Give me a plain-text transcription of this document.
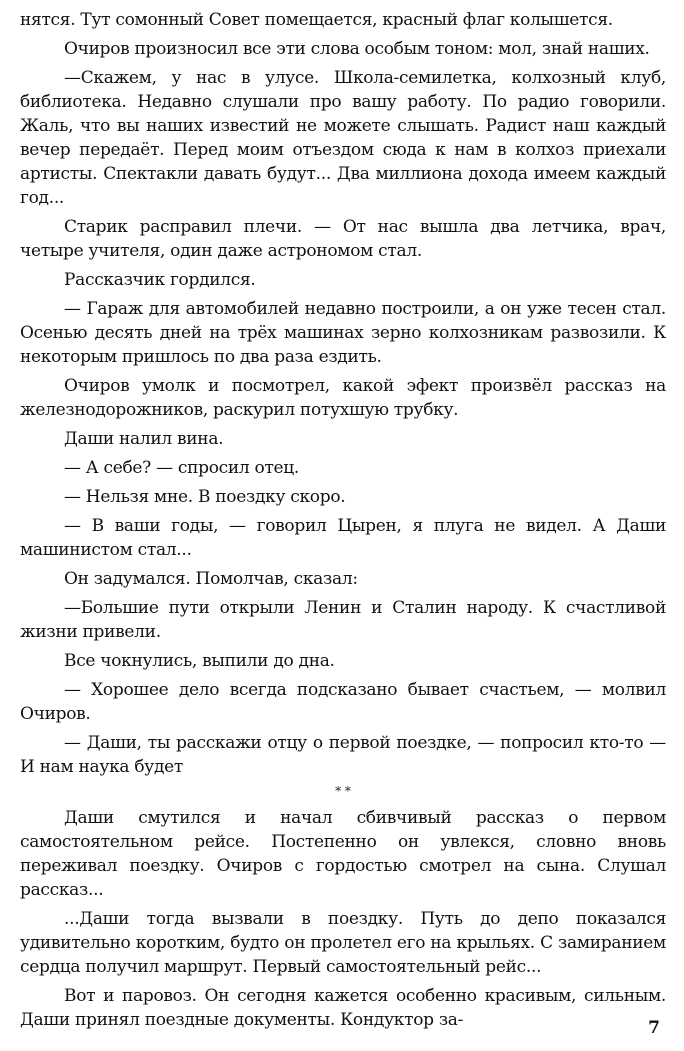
нятся. Тут сомонный Совет помещается, красный флаг колышется.

Очиров произносил все эти слова особым тоном: мол, знай наших.

—Скажем, у нас в улусе. Школа-семилетка, колхозный клуб, библиотека. Недавно слушали про вашу работу. По радио говорили. Жаль, что вы наших известий не можете слышать. Радист наш каждый вечер передаёт. Перед моим отъездом сюда к нам в колхоз приехали артисты. Спектакли давать будут... Два миллиона дохода имеем каждый год...

Старик расправил плечи. — От нас вышла два летчика, врач, четыре учителя, один даже астрономом стал.

Рассказчик гордился.

— Гараж для автомобилей недавно построили, а он уже тесен стал. Осенью десять дней на трёх машинах зерно колхозникам развозили. К некоторым пришлось по два раза ездить.

Очиров умолк и посмотрел, какой эфект произвёл рассказ на железнодорожников, раскурил потухшую трубку.

Даши налил вина.

— А себе? — спросил отец.

— Нельзя мне. В поездку скоро.

— В ваши годы, — говорил Цырен, я плуга не видел. А Даши машинистом стал...

Он задумался. Помолчав, сказал:

—Большие пути открыли Ленин и Сталин народу. К счастливой жизни привели.

Все чокнулись, выпили до дна.

— Хорошее дело всегда подсказано бывает счастьем, — молвил Очиров.

— Даши, ты расскажи отцу о первой поездке, — попросил кто-то — И нам наука будет

* *

Даши смутился и начал сбивчивый рассказ о первом самостоятельном рейсе. Постепенно он увлекся, словно вновь переживал поездку. Очиров с гордостью смотрел на сына. Слушал рассказ...

...Даши тогда вызвали в поездку. Путь до депо показался удивительно коротким, будто он пролетел его на крыльях. С замиранием сердца получил маршрут. Первый самостоятельный рейс...

Вот и паровоз. Он сегодня кажется особенно красивым, сильным. Даши принял поездные документы. Кондуктор за-	7
